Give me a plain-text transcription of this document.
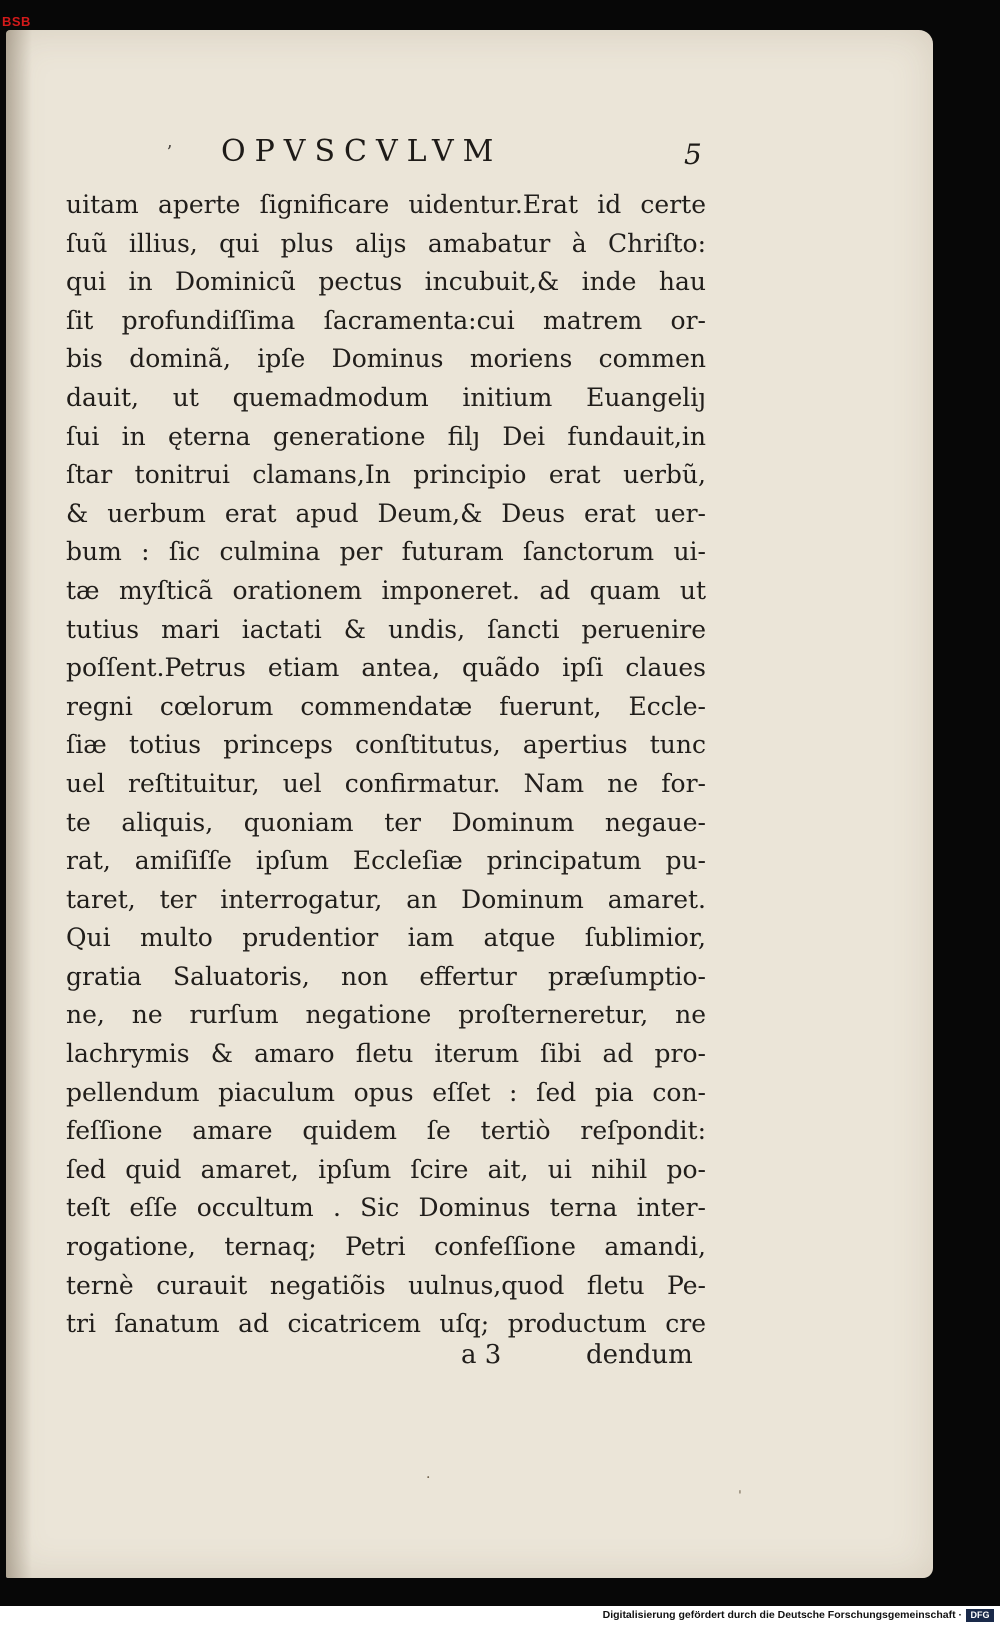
BSB
ʼ OPVSCVLVM	5
uitam aperte ſignificare uidentur.Erat id certe
ſuũ illius, qui plus aliȷs amabatur à Chriſto:
qui in Dominicũ pectus incubuit,& inde hau
ſit profundiſſima ſacramenta:cui matrem or-
bis dominã, ipſe Dominus moriens commen
dauit, ut quemadmodum initium Euangeliȷ
ſui in ęterna generatione filȷ Dei fundauit,in
ſtar tonitrui clamans,In principio erat uerbũ,
& uerbum erat apud Deum,& Deus erat uer-
bum : ſic culmina per futuram ſanctorum ui-
tæ myſticã orationem imponeret. ad quam ut
tutius mari iactati & undis, ſancti peruenire
poſſent.Petrus etiam antea, quãdo ipſi claues
regni cœlorum commendatæ fuerunt, Eccle-
ſiæ totius princeps conſtitutus, apertius tunc
uel reſtituitur, uel confirmatur. Nam ne for-
te aliquis, quoniam ter Dominum negaue-
rat, amiſiſſe ipſum Eccleſiæ principatum pu-
taret, ter interrogatur, an Dominum amaret.
Qui multo prudentior iam atque ſublimior,
gratia Saluatoris, non effertur præſumptio-
ne, ne rurſum negatione proſterneretur, ne
lachrymis & amaro fletu iterum ſibi ad pro-
pellendum piaculum opus eſſet : ſed pia con-
feſſione amare quidem ſe tertiò reſpondit:
ſed quid amaret, ipſum ſcire ait, ui nihil po-
teſt eſſe occultum . Sic Dominus terna inter-
rogatione, ternaq; Petri confeſſione amandi,
ternè curauit negatiõis uulnus,quod fletu Pe-
tri ſanatum ad cicatricem uſq; productum cre
a 3	dendum
·
ˌ
Digitalisierung gefördert durch die Deutsche Forschungsgemeinschaft · DFG
